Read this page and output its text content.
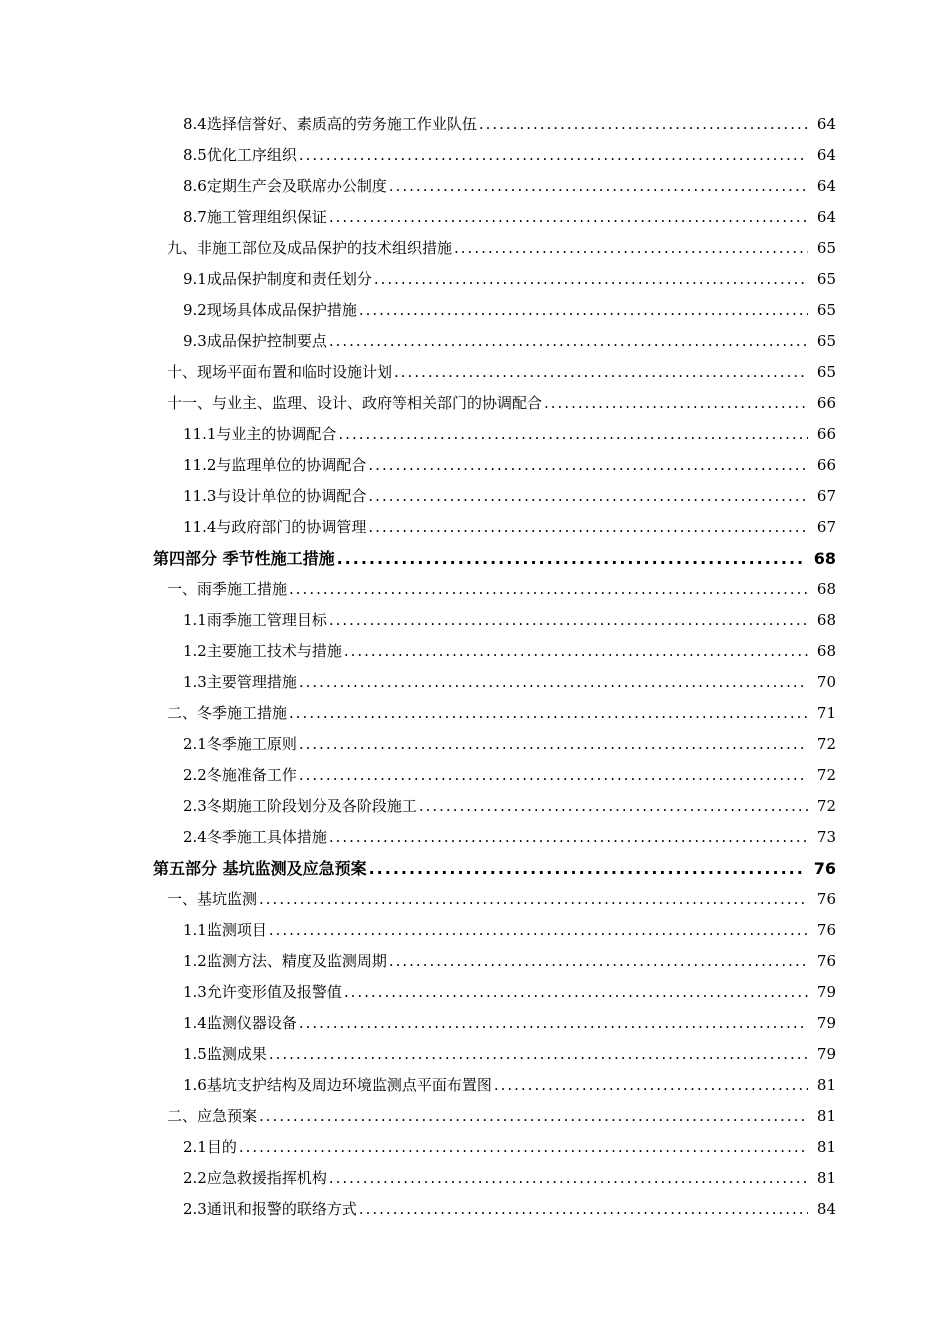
8.4选择信誉好、素质高的劳务施工作业队伍 .....	64
8.5优化工序组织 .....	64
8.6定期生产会及联席办公制度 .....	64
8.7施工管理组织保证 .....	64
九、非施工部位及成品保护的技术组织措施 .....	65
9.1成品保护制度和责任划分 .....	65
9.2现场具体成品保护措施 .....	65
9.3成品保护控制要点 .....	65
十、现场平面布置和临时设施计划 .....	65
十一、与业主、监理、设计、政府等相关部门的协调配合 .....	66
11.1与业主的协调配合 .....	66
11.2与监理单位的协调配合 .....	66
11.3与设计单位的协调配合 .....	67
11.4与政府部门的协调管理 .....	67
第四部分 季节性施工措施 .....	68
一、雨季施工措施 .....	68
1.1雨季施工管理目标 .....	68
1.2主要施工技术与措施 .....	68
1.3主要管理措施 .....	70
二、冬季施工措施 .....	71
2.1冬季施工原则 .....	72
2.2冬施准备工作 .....	72
2.3冬期施工阶段划分及各阶段施工 .....	72
2.4冬季施工具体措施 .....	73
第五部分 基坑监测及应急预案 .....	76
一、基坑监测 .....	76
1.1监测项目 .....	76
1.2监测方法、精度及监测周期 .....	76
1.3允许变形值及报警值 .....	79
1.4监测仪器设备 .....	79
1.5监测成果 .....	79
1.6基坑支护结构及周边环境监测点平面布置图 .....	81
二、应急预案 .....	81
2.1目的 .....	81
2.2应急救援指挥机构 .....	81
2.3通讯和报警的联络方式 .....	84
